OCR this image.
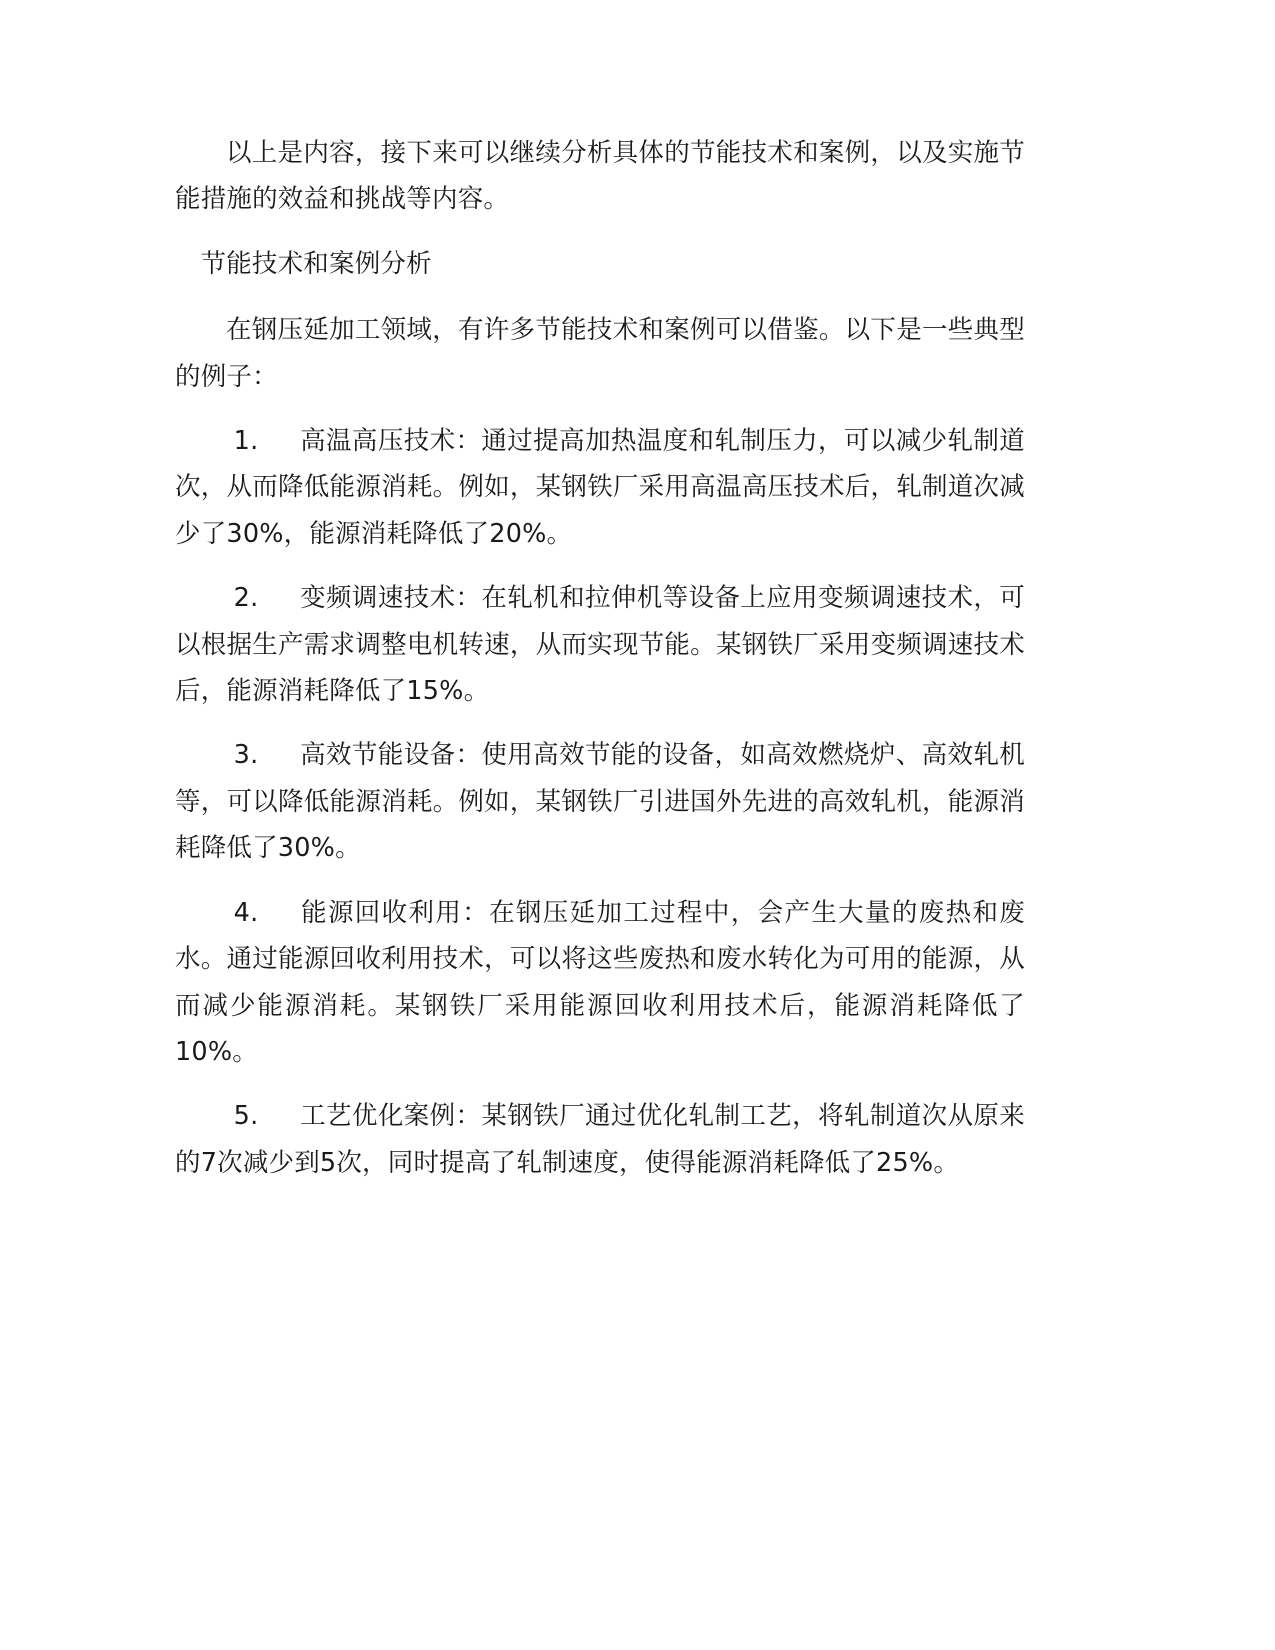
以上是内容，接下来可以继续分析具体的节能技术和案例，以及实施节能措施的效益和挑战等内容。

节能技术和案例分析

在钢压延加工领域，有许多节能技术和案例可以借鉴。以下是一些典型的例子：

1. 高温高压技术：通过提高加热温度和轧制压力，可以减少轧制道次，从而降低能源消耗。例如，某钢铁厂采用高温高压技术后，轧制道次减少了30%，能源消耗降低了20%。
2. 变频调速技术：在轧机和拉伸机等设备上应用变频调速技术，可以根据生产需求调整电机转速，从而实现节能。某钢铁厂采用变频调速技术后，能源消耗降低了15%。
3. 高效节能设备：使用高效节能的设备，如高效燃烧炉、高效轧机等，可以降低能源消耗。例如，某钢铁厂引进国外先进的高效轧机，能源消耗降低了30%。
4. 能源回收利用：在钢压延加工过程中，会产生大量的废热和废水。通过能源回收利用技术，可以将这些废热和废水转化为可用的能源，从而减少能源消耗。某钢铁厂采用能源回收利用技术后，能源消耗降低了10%。
5. 工艺优化案例：某钢铁厂通过优化轧制工艺，将轧制道次从原来的7次减少到5次，同时提高了轧制速度，使得能源消耗降低了25%。
